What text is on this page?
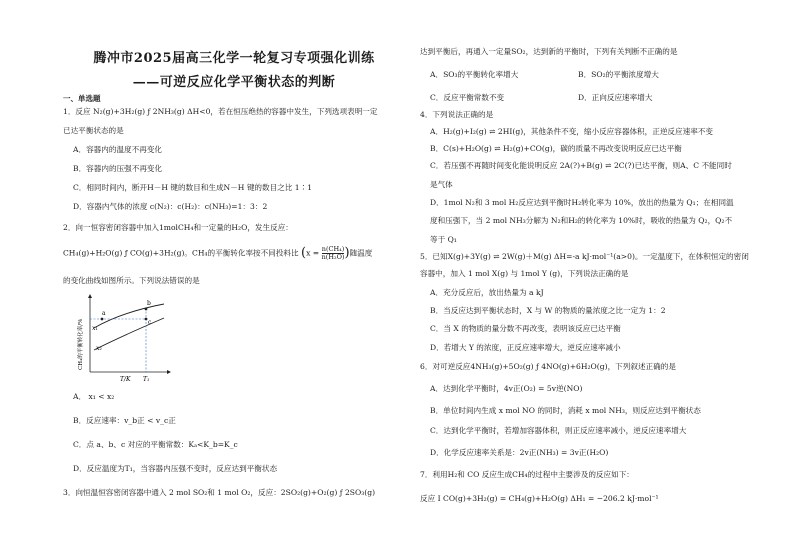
腾冲市2025届高三化学一轮复习专项强化训练
——可逆反应化学平衡状态的判断
一、单选题
1．反应 N₂(g)+3H₂(g) ƒ 2NH₃(g) ΔH<0，若在恒压绝热的容器中发生，下列选项表明一定
已达平衡状态的是
A．容器内的温度不再变化
B．容器内的压强不再变化
C．相同时间内，断开H－H 键的数目和生成N－H 键的数目之比 1∶1
D．容器内气体的浓度 c(N₂)：c(H₂)：c(NH₃)=1：3：2
2．向一恒容密闭容器中加入1molCH₄和一定量的H₂O，发生反应：
CH₄(g)+H₂O(g) ƒ CO(g)+3H₂(g)。CH₄的平衡转化率按不同投料比 $(x = \frac{\text{n(CH₄)}}{\text{n(H₂O)}})$随温度
的变化曲线如图所示。下列说法错误的是
a
b
c
x₁
x₂
T/K T₁
CH₄的平衡转化率/%
A． x₁ < x₂
B．反应速率：v_b正 < v_c正
C．点 a、b、c 对应的平衡常数：Kₐ<K_b=K_c
D．反应温度为T₁，当容器内压强不变时，反应达到平衡状态
3．向恒温恒容密闭容器中通入 2 mol SO₂和 1 mol O₂，反应：2SO₂(g)+O₂(g) ƒ 2SO₃(g)
达到平衡后，再通入一定量SO₂，达到新的平衡时，下列有关判断不正确的是
A．SO₃的平衡转化率增大	B．SO₂的平衡浓度增大
C．反应平衡常数不变	D．正向反应速率增大
4．下列说法正确的是
A．H₂(g)+I₂(g) ⇌ 2HI(g)，其他条件不变，缩小反应容器体积，正逆反应速率不变
B．C(s)+H₂O(g) ⇌ H₂(g)+CO(g)，碳的质量不再改变说明反应已达平衡
C．若压强不再随时间变化能说明反应 2A(?)+B(g) ⇌ 2C(?)已达平衡，则A、C 不能同时
是气体
D．1mol N₂和 3 mol H₂反应达到平衡时H₂转化率为 10%，放出的热量为 Q₁；在相同温
度和压强下，当 2 mol NH₃分解为 N₂和H₂的转化率为 10%时，吸收的热量为 Q₂，Q₂不
等于 Q₁
5．已知X(g)+3Y(g) ⇌ 2W(g)＋M(g) ΔH=-a kJ·mol⁻¹(a>0)。一定温度下，在体积恒定的密闭
容器中，加入 1 mol X(g) 与 1mol Y (g)，下列说法正确的是
A．充分反应后，放出热量为 a kJ
B．当反应达到平衡状态时，X 与 W 的物质的量浓度之比一定为 1：2
C．当 X 的物质的量分数不再改变，表明该反应已达平衡
D．若增大 Y 的浓度，正反应速率增大，逆反应速率减小
6．对可逆反应4NH₃(g)+5O₂(g) ƒ 4NO(g)+6H₂O(g)，下列叙述正确的是
A．达到化学平衡时，4v正(O₂) = 5v逆(NO)
B．单位时间内生成 x mol NO 的同时，消耗 x mol NH₃，则反应达到平衡状态
C．达到化学平衡时，若增加容器体积，则正反应速率减小，逆反应速率增大
D．化学反应速率关系是：2v正(NH₃) = 3v正(H₂O)
7．利用H₂和 CO 反应生成CH₄的过程中主要涉及的反应如下：
反应 I CO(g)+3H₂(g) = CH₄(g)+H₂O(g) ΔH₁ = −206.2 kJ·mol⁻¹
